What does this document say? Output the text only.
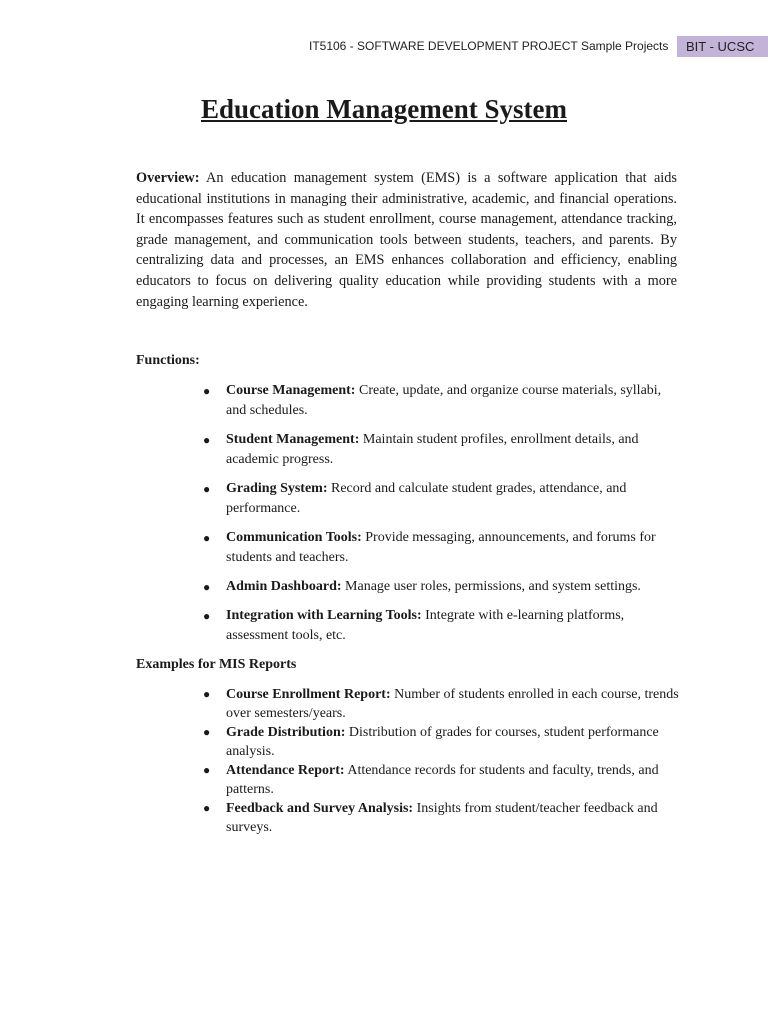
IT5106 - SOFTWARE DEVELOPMENT PROJECT Sample Projects	BIT - UCSC
Education Management System

Overview: An education management system (EMS) is a software application that aids educational institutions in managing their administrative, academic, and financial operations. It encompasses features such as student enrollment, course management, attendance tracking, grade management, and communication tools between students, teachers, and parents. By centralizing data and processes, an EMS enhances collaboration and efficiency, enabling educators to focus on delivering quality education while providing students with a more engaging learning experience.

Functions:
● Course Management: Create, update, and organize course materials, syllabi, and schedules.
● Student Management: Maintain student profiles, enrollment details, and academic progress.
● Grading System: Record and calculate student grades, attendance, and performance.
● Communication Tools: Provide messaging, announcements, and forums for students and teachers.
● Admin Dashboard: Manage user roles, permissions, and system settings.
● Integration with Learning Tools: Integrate with e-learning platforms, assessment tools, etc.
Examples for MIS Reports
● Course Enrollment Report: Number of students enrolled in each course, trends over semesters/years.
● Grade Distribution: Distribution of grades for courses, student performance analysis.
● Attendance Report: Attendance records for students and faculty, trends, and patterns.
● Feedback and Survey Analysis: Insights from student/teacher feedback and surveys.
